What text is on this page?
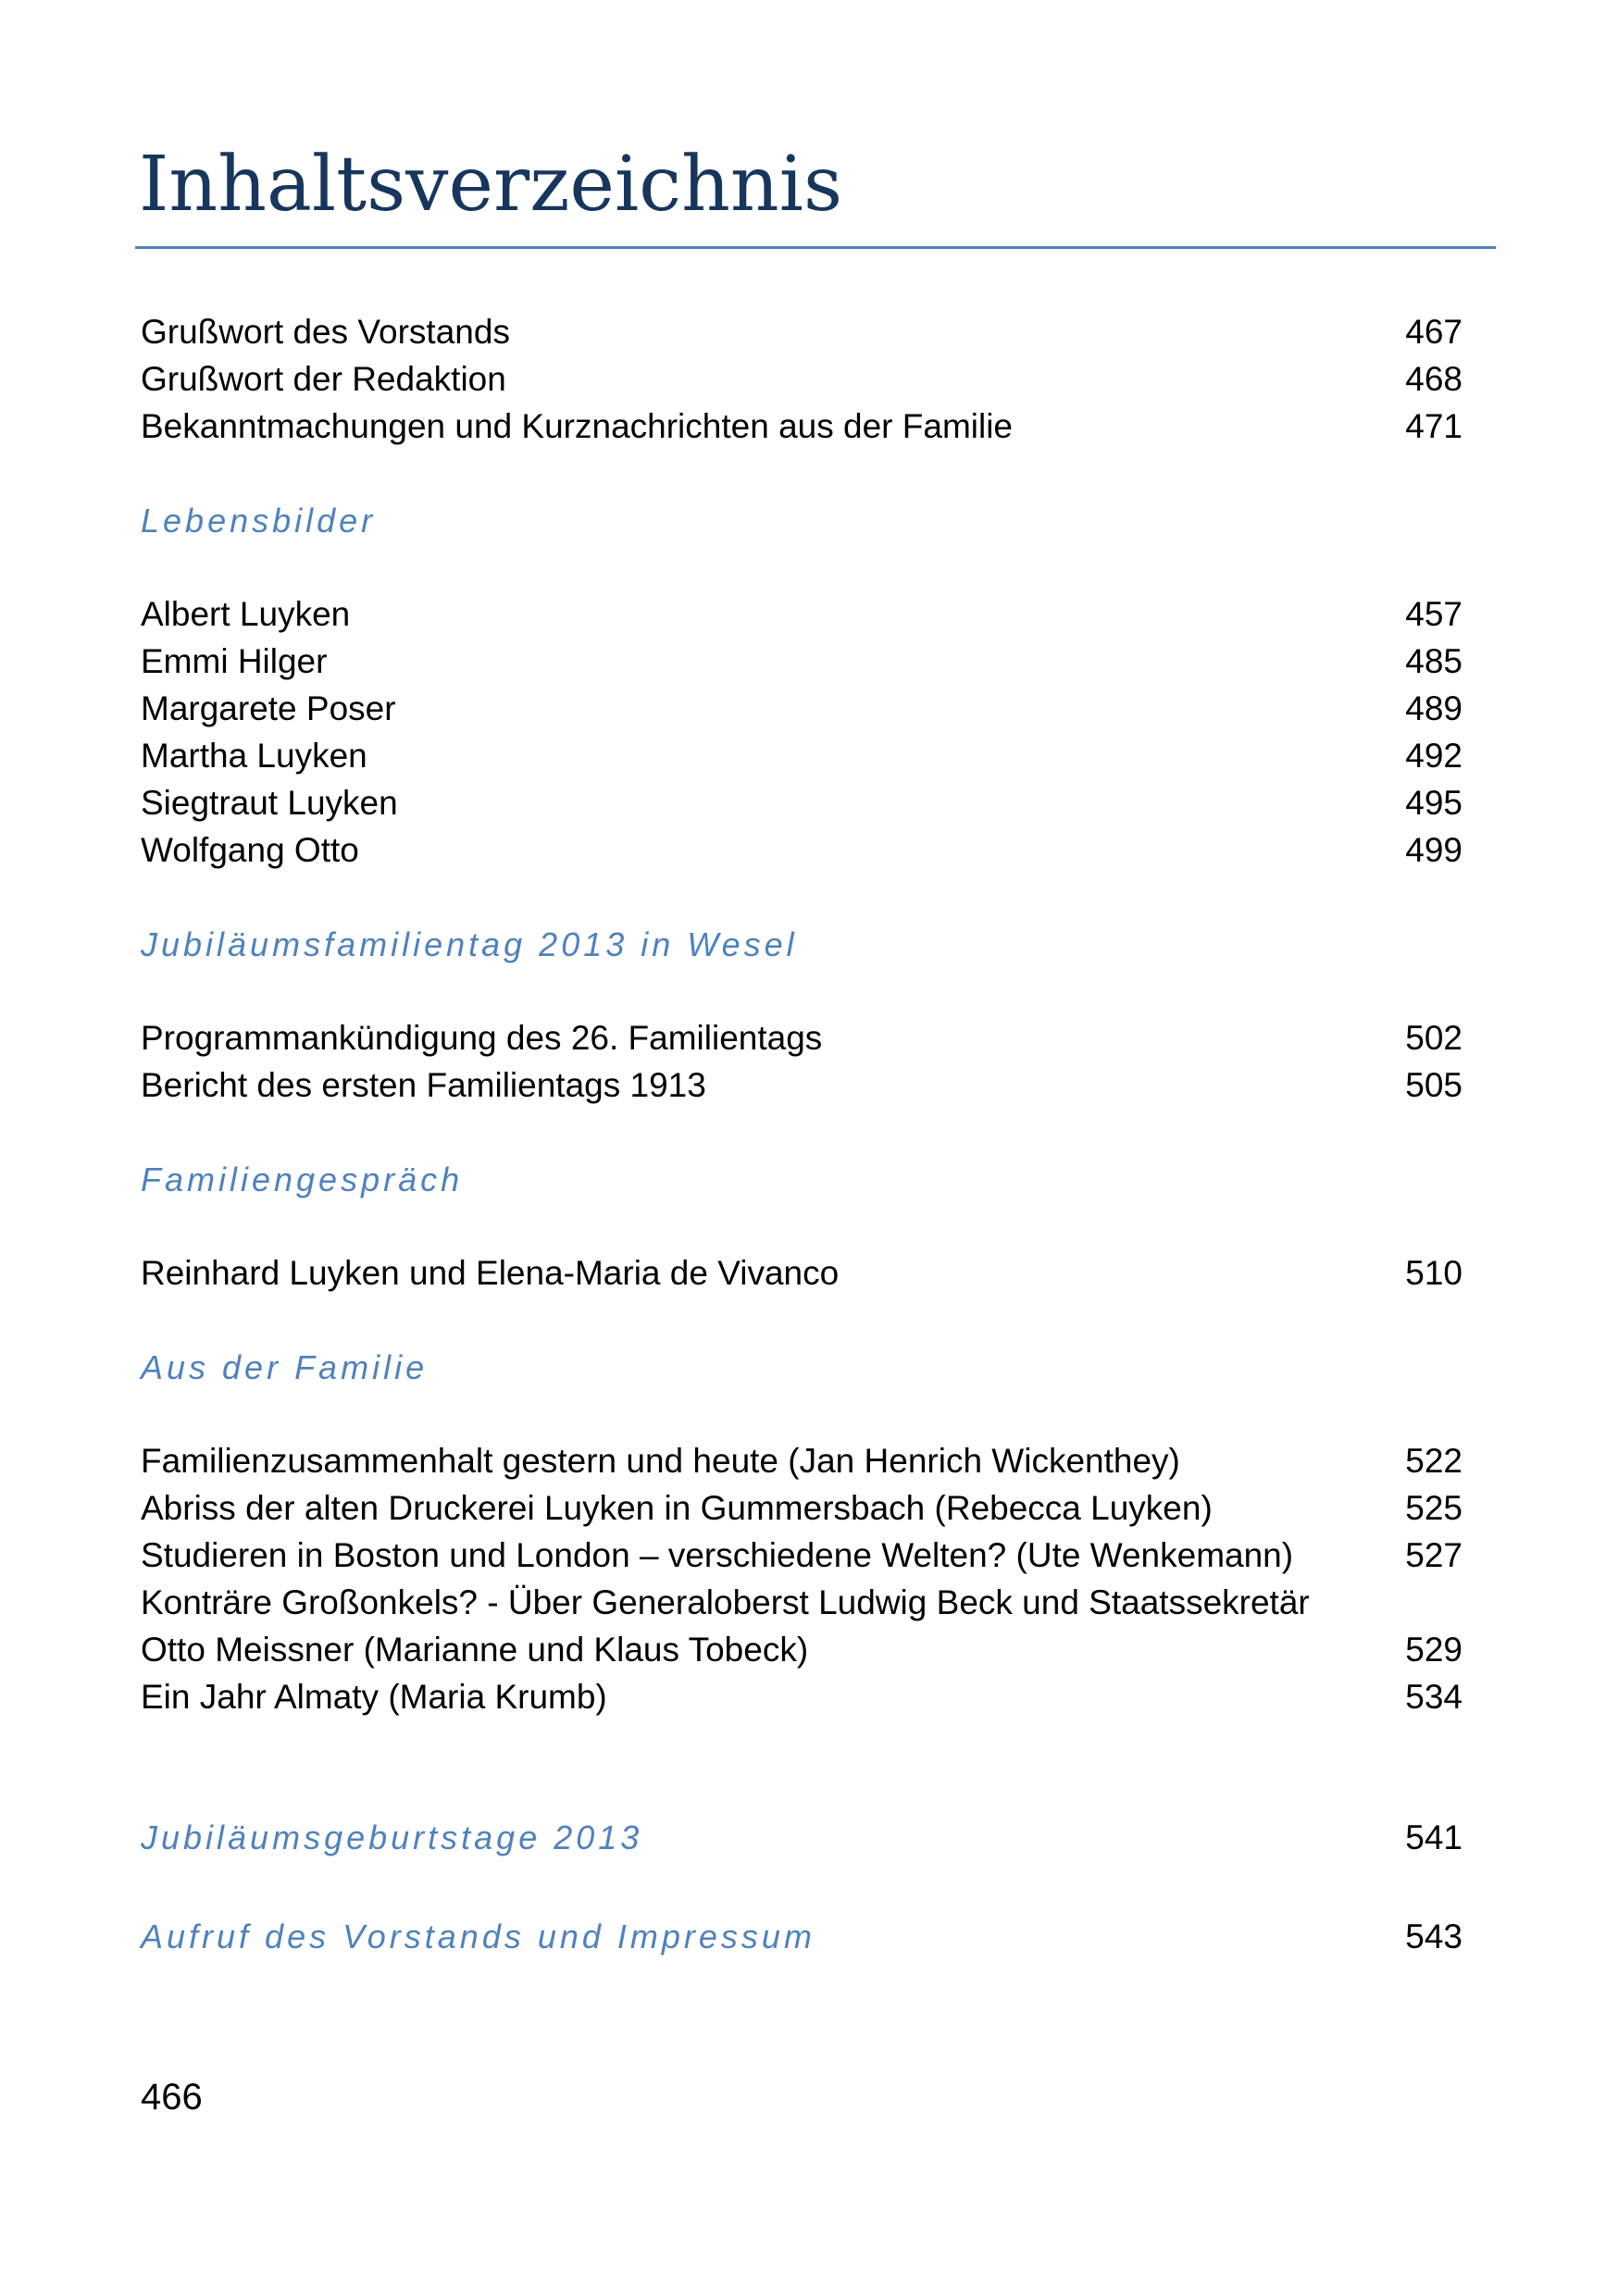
Inhaltsverzeichnis
Grußwort des Vorstands	467
Grußwort der Redaktion	468
Bekanntmachungen und Kurznachrichten aus der Familie	471
Lebensbilder
Albert Luyken	457
Emmi Hilger	485
Margarete Poser	489
Martha Luyken	492
Siegtraut Luyken	495
Wolfgang Otto	499
Jubiläumsfamilientag 2013 in Wesel
Programmankündigung des 26. Familientags	502
Bericht des ersten Familientags 1913	505
Familiengespräch
Reinhard Luyken und Elena-Maria de Vivanco	510
Aus der Familie
Familienzusammenhalt gestern und heute (Jan Henrich Wickenthey)	522
Abriss der alten Druckerei Luyken in Gummersbach (Rebecca Luyken)	525
Studieren in Boston und London – verschiedene Welten? (Ute Wenkemann)	527
Konträre Großonkels? - Über Generaloberst Ludwig Beck und Staatssekretär
Otto Meissner (Marianne und Klaus Tobeck)	529
Ein Jahr Almaty (Maria Krumb)	534
Jubiläumsgeburtstage 2013	541
Aufruf des Vorstands und Impressum	543
466
